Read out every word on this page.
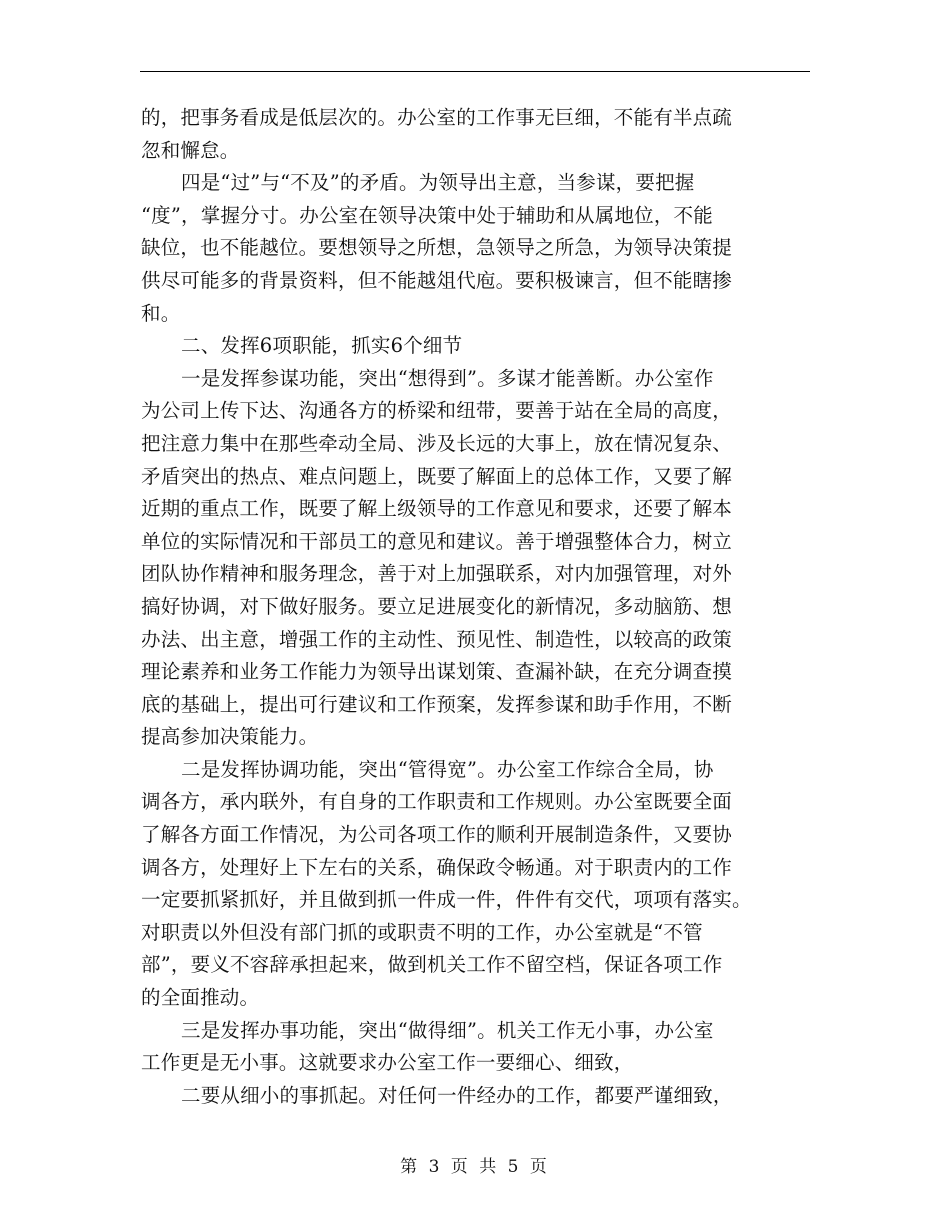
的，把事务看成是低层次的。办公室的工作事无巨细，不能有半点疏
忽和懈怠。
四是“过”与“不及”的矛盾。为领导出主意，当参谋，要把握
“度”，掌握分寸。办公室在领导决策中处于辅助和从属地位，不能
缺位，也不能越位。要想领导之所想，急领导之所急，为领导决策提
供尽可能多的背景资料，但不能越俎代庖。要积极谏言，但不能瞎掺
和。
二、发挥6项职能，抓实6个细节
一是发挥参谋功能，突出“想得到”。多谋才能善断。办公室作
为公司上传下达、沟通各方的桥梁和纽带，要善于站在全局的高度，
把注意力集中在那些牵动全局、涉及长远的大事上，放在情况复杂、
矛盾突出的热点、难点问题上，既要了解面上的总体工作，又要了解
近期的重点工作，既要了解上级领导的工作意见和要求，还要了解本
单位的实际情况和干部员工的意见和建议。善于增强整体合力，树立
团队协作精神和服务理念，善于对上加强联系，对内加强管理，对外
搞好协调，对下做好服务。要立足进展变化的新情况，多动脑筋、想
办法、出主意，增强工作的主动性、预见性、制造性，以较高的政策
理论素养和业务工作能力为领导出谋划策、查漏补缺，在充分调查摸
底的基础上，提出可行建议和工作预案，发挥参谋和助手作用，不断
提高参加决策能力。
二是发挥协调功能，突出“管得宽”。办公室工作综合全局，协
调各方，承内联外，有自身的工作职责和工作规则。办公室既要全面
了解各方面工作情况，为公司各项工作的顺利开展制造条件，又要协
调各方，处理好上下左右的关系，确保政令畅通。对于职责内的工作
一定要抓紧抓好，并且做到抓一件成一件，件件有交代，项项有落实。
对职责以外但没有部门抓的或职责不明的工作，办公室就是“不管
部”，要义不容辞承担起来，做到机关工作不留空档，保证各项工作
的全面推动。
三是发挥办事功能，突出“做得细”。机关工作无小事，办公室
工作更是无小事。这就要求办公室工作一要细心、细致，
二要从细小的事抓起。对任何一件经办的工作，都要严谨细致，
第 3 页 共 5 页
